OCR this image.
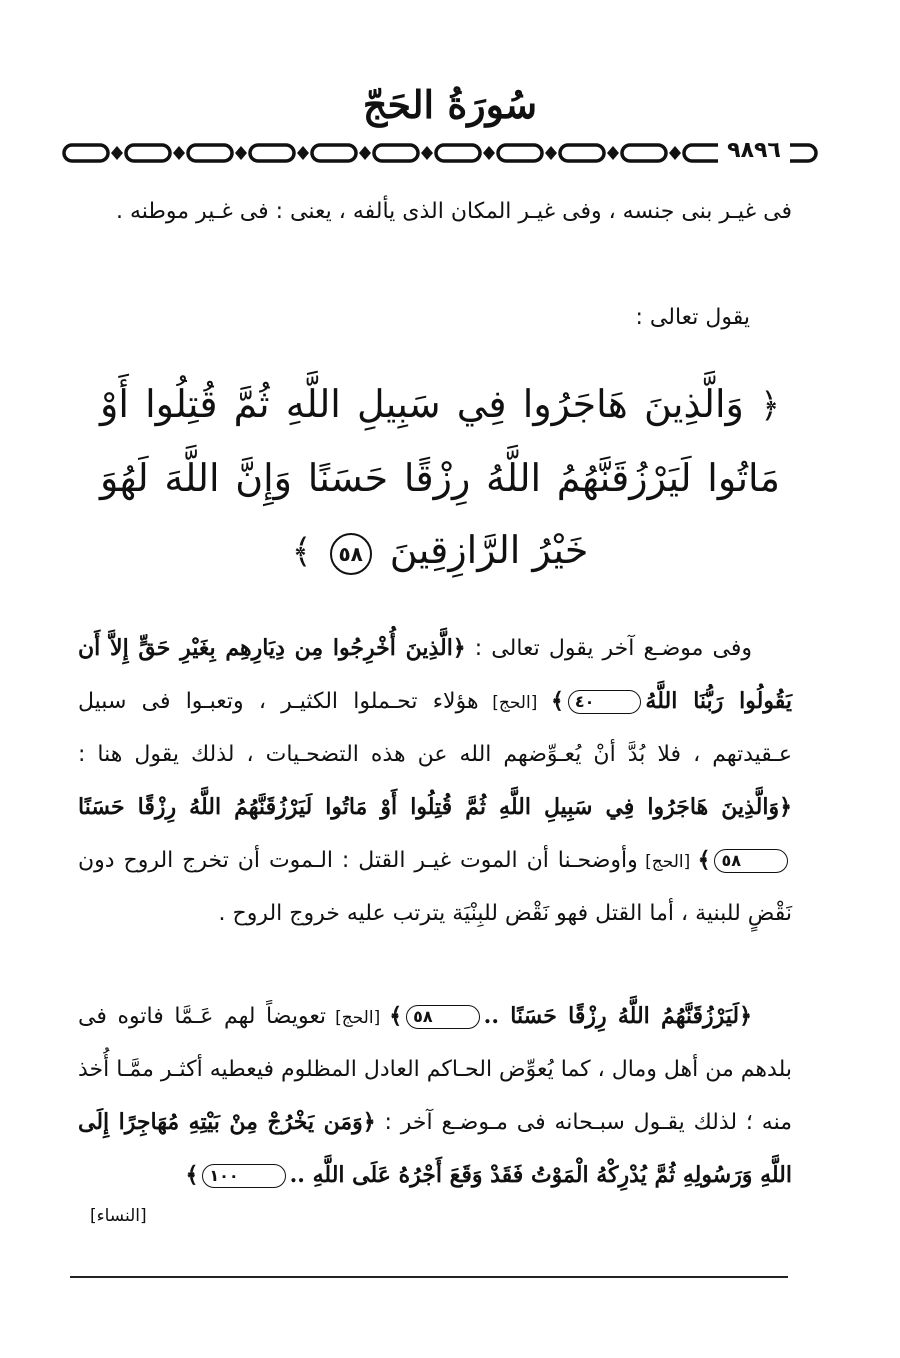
سُورَةُ الحَجّ
٩٨٩٦
فى غيـر بنى جنسه ، وفى غيـر المكان الذى يألفه ، يعنى : فى غـير موطنه .
يقول تعالى :
﴿ وَالَّذِينَ هَاجَرُوا فِي سَبِيلِ اللَّهِ ثُمَّ قُتِلُوا أَوْ مَاتُوا لَيَرْزُقَنَّهُمُ اللَّهُ رِزْقًا حَسَنًا وَإِنَّ اللَّهَ لَهُوَ خَيْرُ الرَّازِقِينَ ٥٨ ﴾
وفى موضـع آخر يقول تعالى : ﴿الَّذِينَ أُخْرِجُوا مِن دِيَارِهِم بِغَيْرِ حَقٍّ إِلاَّ أَن يَقُولُوا رَبُّنَا اللَّهُ٤٠﴾ [الحج] هؤلاء تحـملوا الكثيـر ، وتعبـوا فى سبيل عـقيدتهم ، فلا بُدَّ أنْ يُعـوِّضهم الله عن هذه التضحـيات ، لذلك يقول هنا : ﴿وَالَّذِينَ هَاجَرُوا فِي سَبِيلِ اللَّهِ ثُمَّ قُتِلُوا أَوْ مَاتُوا لَيَرْزُقَنَّهُمُ اللَّهُ رِزْقًا حَسَنًا٥٨﴾ [الحج] وأوضحـنا أن الموت غيـر القتل : الـموت أن تخرج الروح دون نَقْضٍ للبنية ، أما القتل فهو نَقْض للبِنْيَة يترتب عليه خروج الروح .
﴿لَيَرْزُقَنَّهُمُ اللَّهُ رِزْقًا حَسَنًا ..٥٨﴾ [الحج] تعويضاً لهم عَـمَّا فاتوه فى بلدهم من أهل ومال ، كما يُعوِّض الحـاكم العادل المظلوم فيعطيه أكثـر ممَّـا أُخذ منه ؛ لذلك يقـول سبـحانه فى مـوضـع آخر : ﴿وَمَن يَخْرُجْ مِنْ بَيْتِهِ مُهَاجِرًا إِلَى اللَّهِ وَرَسُولِهِ ثُمَّ يُدْرِكْهُ الْمَوْتُ فَقَدْ وَقَعَ أَجْرُهُ عَلَى اللَّهِ ..١٠٠﴾
[النساء]
